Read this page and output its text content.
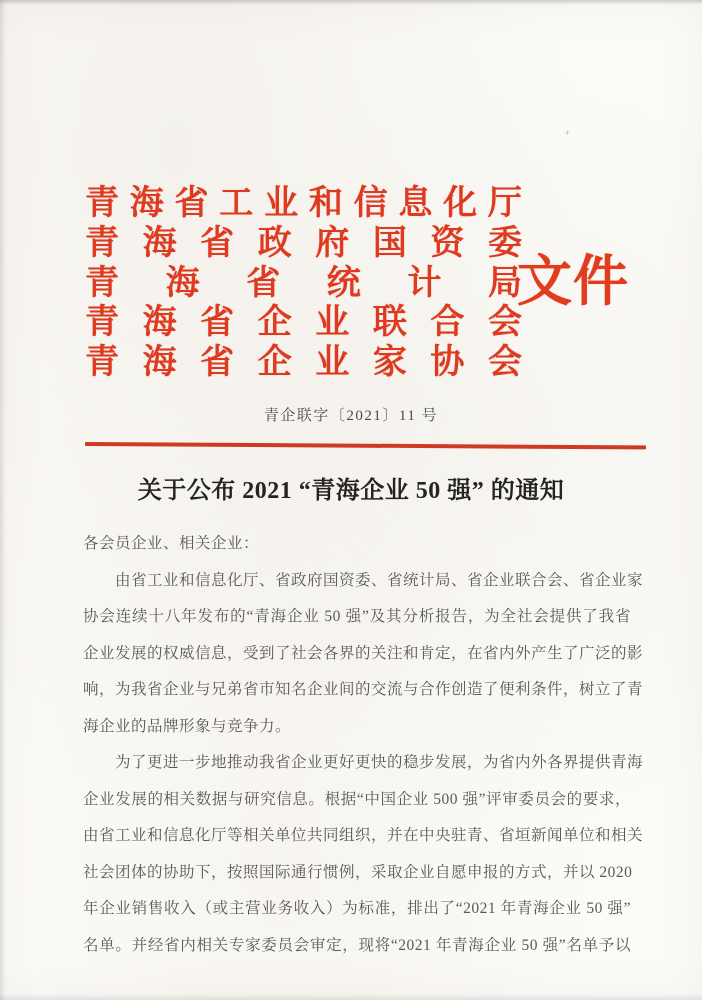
+
青 海 省 工 业 和 信 息 化 厅
青 海 省 政 府 国 资 委
青 海 省 统 计 局
青 海 省 企 业 联 合 会
青 海 省 企 业 家 协 会
文件
青企联字〔2021〕11 号
关于公布 2021 “青海企业 50 强” 的通知
各会员企业、相关企业：
　　由省工业和信息化厅、省政府国资委、省统计局、省企业联合会、省企业家
协会连续十八年发布的“青海企业 50 强”及其分析报告，为全社会提供了我省
企业发展的权威信息，受到了社会各界的关注和肯定，在省内外产生了广泛的影
响，为我省企业与兄弟省市知名企业间的交流与合作创造了便利条件，树立了青
海企业的品牌形象与竞争力。
　　为了更进一步地推动我省企业更好更快的稳步发展，为省内外各界提供青海
企业发展的相关数据与研究信息。根据“中国企业 500 强”评审委员会的要求，
由省工业和信息化厅等相关单位共同组织，并在中央驻青、省垣新闻单位和相关
社会团体的协助下，按照国际通行惯例，采取企业自愿申报的方式，并以 2020
年企业销售收入（或主营业务收入）为标准，排出了“2021 年青海企业 50 强”
名单。并经省内相关专家委员会审定，现将“2021 年青海企业 50 强”名单予以
